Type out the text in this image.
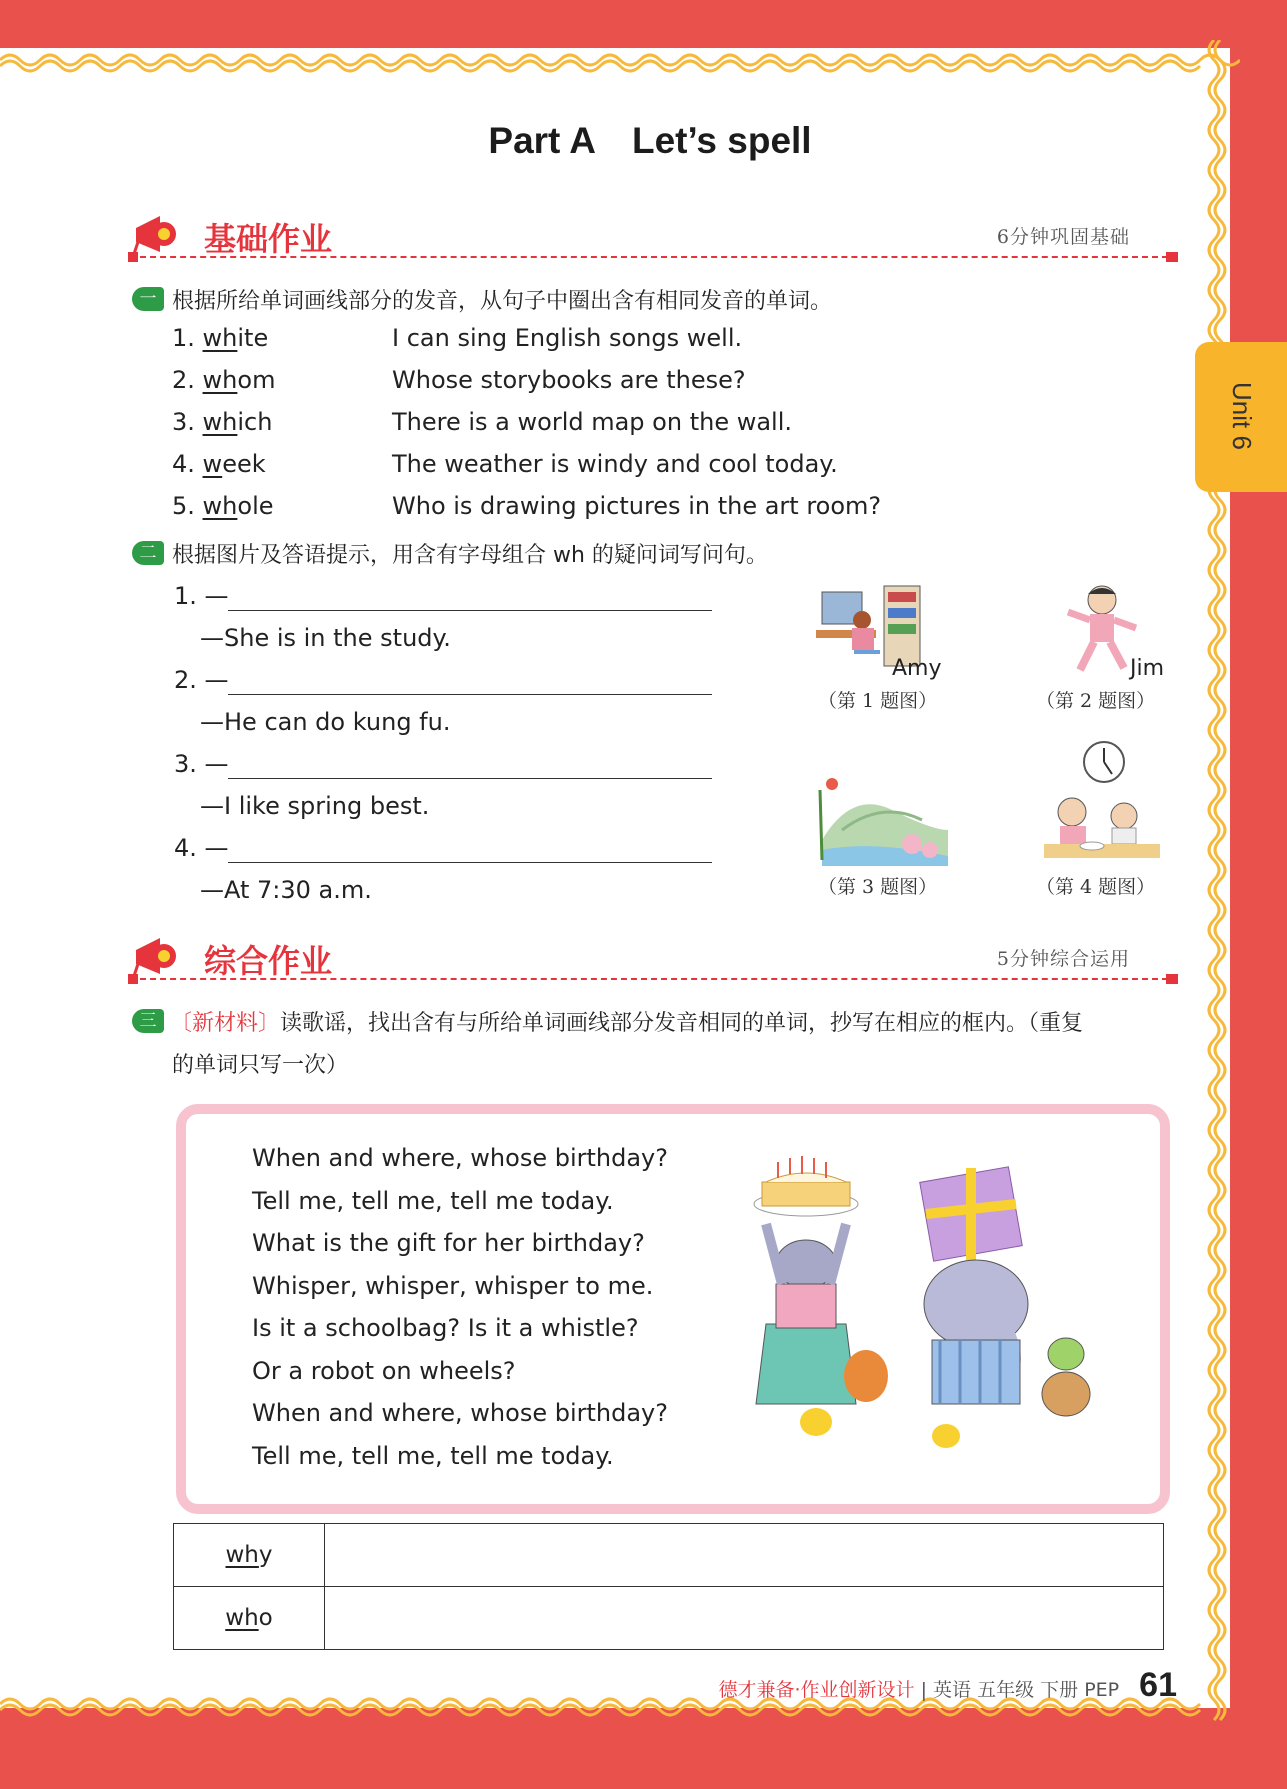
Unit 6
Part A Let’s spell
基础作业	6分钟巩固基础
一 根据所给单词画线部分的发音，从句子中圈出含有相同发音的单词。
1. white	I can sing English songs well.
2. whom	Whose storybooks are these?
3. which	There is a world map on the wall.
4. week	The weather is windy and cool today.
5. whole	Who is drawing pictures in the art room?
二 根据图片及答语提示，用含有字母组合 wh 的疑问词写问句。
1. —
—She is in the study.
2. —
—He can do kung fu.
3. —
—I like spring best.
4. —
—At 7:30 a.m.
Amy
（第 1 题图）
Jim
（第 2 题图）
（第 3 题图）	（第 4 题图）
综合作业	5分钟综合运用
三 〔新材料〕读歌谣，找出含有与所给单词画线部分发音相同的单词，抄写在相应的框内。（重复
的单词只写一次）
When and where, whose birthday?
Tell me, tell me, tell me today.
What is the gift for her birthday?
Whisper, whisper, whisper to me.
Is it a schoolbag? Is it a whistle?
Or a robot on wheels?
When and where, whose birthday?
Tell me, tell me, tell me today.
why	
who	
德才兼备·作业创新设计 | 英语 五年级 下册 PEP 61
